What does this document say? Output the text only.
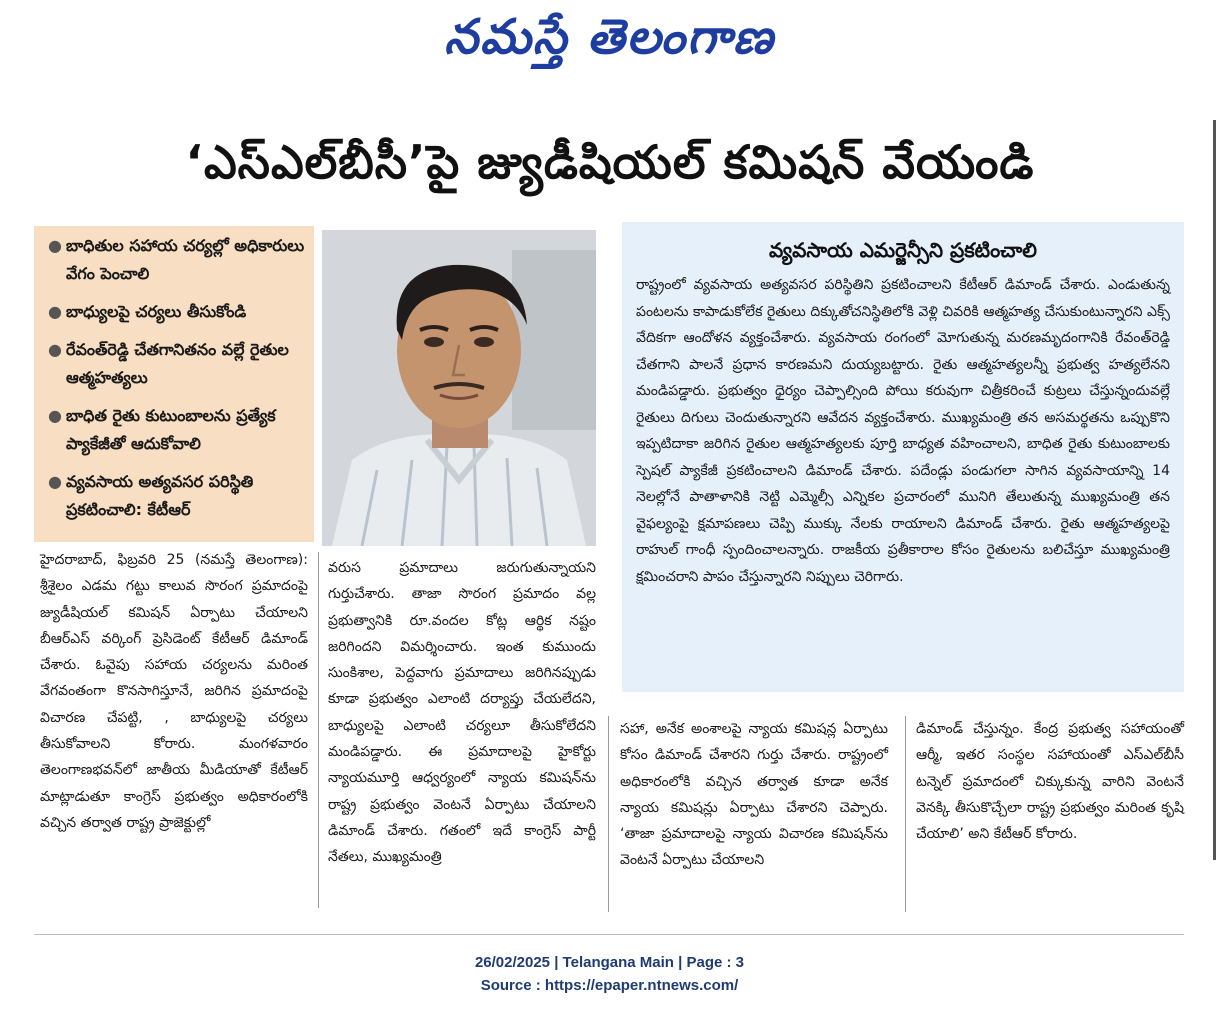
నమస్తే తెలంగాణ
‘ఎస్‌ఎల్‌బీసీ’పై జ్యుడీషియల్ కమిషన్ వేయండి
● బాధితుల సహాయ చర్యల్లో అధికారులు వేగం పెంచాలి
● బాధ్యులపై చర్యలు తీసుకోండి
● రేవంత్‌రెడ్డి చేతగానితనం వల్లే రైతుల ఆత్మహత్యలు
● బాధిత రైతు కుటుంబాలను ప్రత్యేక ప్యాకేజీతో ఆదుకోవాలి
● వ్యవసాయ అత్యవసర పరిస్థితి ప్రకటించాలి: కేటీఆర్
వ్యవసాయ ఎమర్జెన్సీని ప్రకటించాలి
రాష్ట్రంలో వ్యవసాయ అత్యవసర పరిస్థితిని ప్రకటించాలని కేటీఆర్ డిమాండ్ చేశారు. ఎండుతున్న పంటలను కాపాడుకోలేక రైతులు దిక్కుతోచనిస్థితిలోకి వెళ్లి చివరికి ఆత్మహత్య చేసుకుంటున్నారని ఎక్స్ వేదికగా ఆందోళన వ్యక్తంచేశారు. వ్యవసాయ రంగంలో మోగుతున్న మరణమృదంగానికి రేవంత్‌రెడ్డి చేతగాని పాలనే ప్రధాన కారణమని దుయ్యబట్టారు. రైతు ఆత్మహత్యలన్నీ ప్రభుత్వ హత్యలేనని మండిపడ్డారు. ప్రభుత్వం ధైర్యం చెప్పాల్సింది పోయి కరువుగా చిత్రీకరించే కుట్రలు చేస్తున్నందువల్లే రైతులు దిగులు చెందుతున్నారని ఆవేదన వ్యక్తంచేశారు. ముఖ్యమంత్రి తన అసమర్థతను ఒప్పుకొని ఇప్పటిదాకా జరిగిన రైతుల ఆత్మహత్యలకు పూర్తి బాధ్యత వహించాలని, బాధిత రైతు కుటుంబాలకు స్పెషల్ ప్యాకేజీ ప్రకటించాలని డిమాండ్ చేశారు. పదేండ్లు పండుగలా సాగిన వ్యవసాయాన్ని 14 నెలల్లోనే పాతాళానికి నెట్టి ఎమ్మెల్సీ ఎన్నికల ప్రచారంలో మునిగి తేలుతున్న ముఖ్యమంత్రి తన వైఫల్యంపై క్షమాపణలు చెప్పి ముక్కు నేలకు రాయాలని డిమాండ్ చేశారు. రైతు ఆత్మహత్యలపై రాహుల్ గాంధీ స్పందించాలన్నారు. రాజకీయ ప్రతీకారాల కోసం రైతులను బలిచేస్తూ ముఖ్యమంత్రి క్షమించరాని పాపం చేస్తున్నారని నిప్పులు చెరిగారు.
హైదరాబాద్, ఫిబ్రవరి 25 (నమస్తే తెలంగాణ): శ్రీశైలం ఎడమ గట్టు కాలువ సొరంగ ప్రమాదంపై జ్యుడీషియల్ కమిషన్ ఏర్పాటు చేయాలని బీఆర్‌ఎస్ వర్కింగ్ ప్రెసిడెంట్ కేటీఆర్ డిమాండ్ చేశారు. ఓవైపు సహాయ చర్యలను మరింత వేగవంతంగా కొనసాగిస్తూనే, జరిగిన ప్రమాదంపై విచారణ చేపట్టి, , బాధ్యులపై చర్యలు తీసుకోవాలని కోరారు. మంగళవారం తెలంగాణభవన్‌లో జాతీయ మీడియాతో కేటీఆర్ మాట్లాడుతూ కాంగ్రెస్ ప్రభుత్వం అధికారంలోకి వచ్చిన తర్వాత రాష్ట్ర ప్రాజెక్టుల్లో
వరుస ప్రమాదాలు జరుగుతున్నాయని గుర్తుచేశారు. తాజా సొరంగ ప్రమాదం వల్ల ప్రభుత్వానికి రూ.వందల కోట్ల ఆర్థిక నష్టం జరిగిందని విమర్శించారు. ఇంత కుముందు సుంకిశాల, పెద్దవాగు ప్రమాదాలు జరిగినప్పుడు కూడా ప్రభుత్వం ఎలాంటి దర్యాప్తు చేయలేదని, బాధ్యులపై ఎలాంటి చర్యలూ తీసుకోలేదని మండిపడ్డారు. ఈ ప్రమాదాలపై హైకోర్టు న్యాయమూర్తి ఆధ్వర్యంలో న్యాయ కమిషన్‌ను రాష్ట్ర ప్రభుత్వం వెంటనే ఏర్పాటు చేయాలని డిమాండ్ చేశారు. గతంలో ఇదే కాంగ్రెస్ పార్టీ నేతలు, ముఖ్యమంత్రి
సహా, అనేక అంశాలపై న్యాయ కమిషన్ల ఏర్పాటు కోసం డిమాండ్ చేశారని గుర్తు చేశారు. రాష్ట్రంలో అధికారంలోకి వచ్చిన తర్వాత కూడా అనేక న్యాయ కమిషన్లు ఏర్పాటు చేశారని చెప్పారు. ‘తాజా ప్రమాదాలపై న్యాయ విచారణ కమిషన్‌ను వెంటనే ఏర్పాటు చేయాలని
డిమాండ్ చేస్తున్నం. కేంద్ర ప్రభుత్వ సహాయంతో ఆర్మీ, ఇతర సంస్థల సహాయంతో ఎస్‌ఎల్‌బీసీ టన్నెల్ ప్రమాదంలో చిక్కుకున్న వారిని వెంటనే వెనక్కి తీసుకొచ్చేలా రాష్ట్ర ప్రభుత్వం మరింత కృషి చేయాలి’ అని కేటీఆర్ కోరారు.
26/02/2025 | Telangana Main | Page : 3
Source : https://epaper.ntnews.com/
